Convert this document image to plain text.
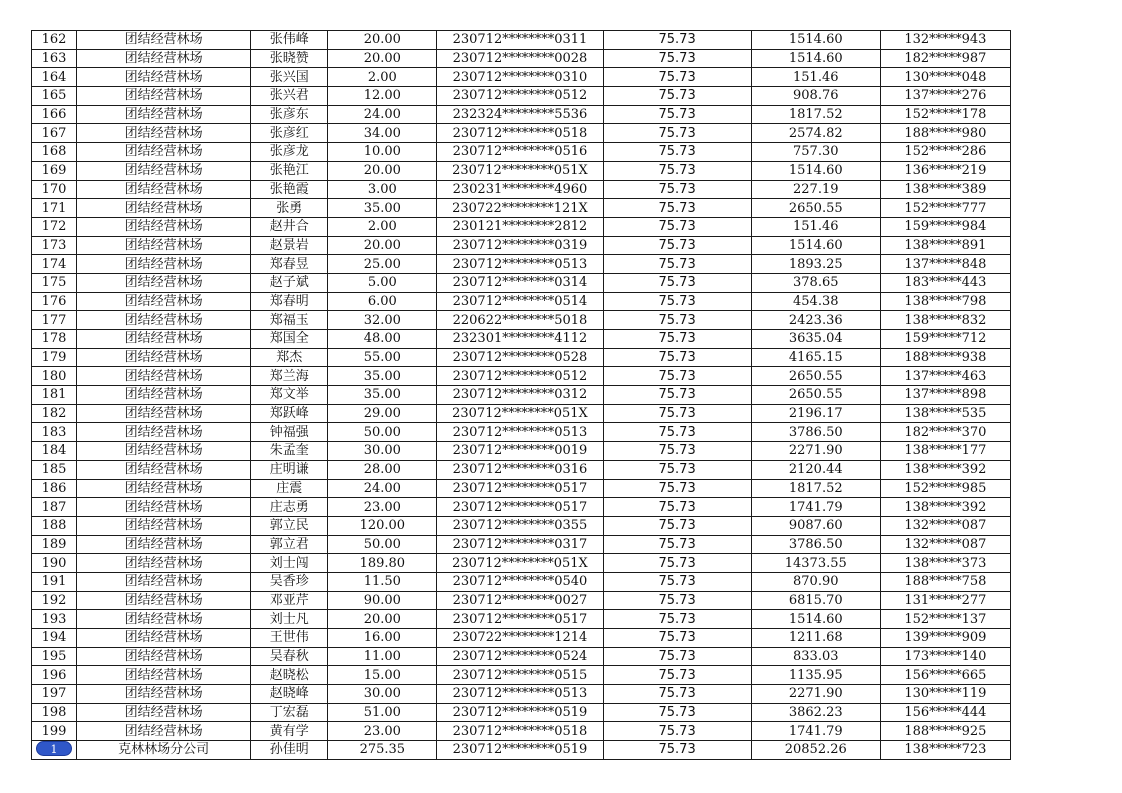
162	团结经营林场	张伟峰	20.00	230712********0311	75.73	1514.60	132*****943
163	团结经营林场	张晓赞	20.00	230712********0028	75.73	1514.60	182*****987
164	团结经营林场	张兴国	2.00	230712********0310	75.73	151.46	130*****048
165	团结经营林场	张兴君	12.00	230712********0512	75.73	908.76	137*****276
166	团结经营林场	张彦东	24.00	232324********5536	75.73	1817.52	152*****178
167	团结经营林场	张彦红	34.00	230712********0518	75.73	2574.82	188*****980
168	团结经营林场	张彦龙	10.00	230712********0516	75.73	757.30	152*****286
169	团结经营林场	张艳江	20.00	230712********051X	75.73	1514.60	136*****219
170	团结经营林场	张艳霞	3.00	230231********4960	75.73	227.19	138*****389
171	团结经营林场	张勇	35.00	230722********121X	75.73	2650.55	152*****777
172	团结经营林场	赵井合	2.00	230121********2812	75.73	151.46	159*****984
173	团结经营林场	赵景岩	20.00	230712********0319	75.73	1514.60	138*****891
174	团结经营林场	郑春昱	25.00	230712********0513	75.73	1893.25	137*****848
175	团结经营林场	赵子斌	5.00	230712********0314	75.73	378.65	183*****443
176	团结经营林场	郑春明	6.00	230712********0514	75.73	454.38	138*****798
177	团结经营林场	郑福玉	32.00	220622********5018	75.73	2423.36	138*****832
178	团结经营林场	郑国全	48.00	232301********4112	75.73	3635.04	159*****712
179	团结经营林场	郑杰	55.00	230712********0528	75.73	4165.15	188*****938
180	团结经营林场	郑兰海	35.00	230712********0512	75.73	2650.55	137*****463
181	团结经营林场	郑文举	35.00	230712********0312	75.73	2650.55	137*****898
182	团结经营林场	郑跃峰	29.00	230712********051X	75.73	2196.17	138*****535
183	团结经营林场	钟福强	50.00	230712********0513	75.73	3786.50	182*****370
184	团结经营林场	朱孟奎	30.00	230712********0019	75.73	2271.90	138*****177
185	团结经营林场	庄明谦	28.00	230712********0316	75.73	2120.44	138*****392
186	团结经营林场	庄震	24.00	230712********0517	75.73	1817.52	152*****985
187	团结经营林场	庄志勇	23.00	230712********0517	75.73	1741.79	138*****392
188	团结经营林场	郭立民	120.00	230712********0355	75.73	9087.60	132*****087
189	团结经营林场	郭立君	50.00	230712********0317	75.73	3786.50	132*****087
190	团结经营林场	刘士闯	189.80	230712********051X	75.73	14373.55	138*****373
191	团结经营林场	吴香珍	11.50	230712********0540	75.73	870.90	188*****758
192	团结经营林场	邓亚芹	90.00	230712********0027	75.73	6815.70	131*****277
193	团结经营林场	刘士凡	20.00	230712********0517	75.73	1514.60	152*****137
194	团结经营林场	王世伟	16.00	230722********1214	75.73	1211.68	139*****909
195	团结经营林场	吴春秋	11.00	230712********0524	75.73	833.03	173*****140
196	团结经营林场	赵晓松	15.00	230712********0515	75.73	1135.95	156*****665
197	团结经营林场	赵晓峰	30.00	230712********0513	75.73	2271.90	130*****119
198	团结经营林场	丁宏磊	51.00	230712********0519	75.73	3862.23	156*****444
199	团结经营林场	黄有学	23.00	230712********0518	75.73	1741.79	188*****925
1	克林林场分公司	孙佳明	275.35	230712********0519	75.73	20852.26	138*****723
